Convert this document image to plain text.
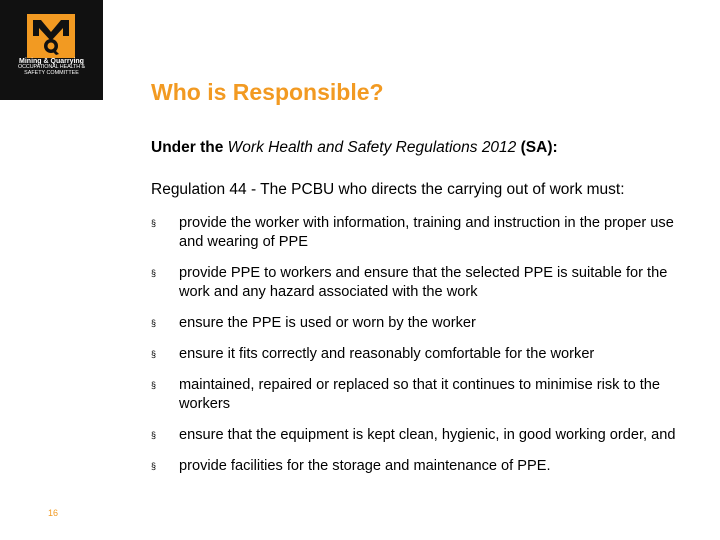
Mining & Quarrying
OCCUPATIONAL HEALTH &
SAFETY COMMITTEE
16
Who is Responsible?
Under the Work Health and Safety Regulations 2012 (SA):
Regulation 44 - The PCBU who directs the carrying out of work must:
§ provide the worker with information, training and instruction in the proper use and wearing of PPE
§ provide PPE to workers and ensure that the selected PPE is suitable for the work and any hazard associated with the work
§ ensure the PPE is used or worn by the worker
§ ensure it fits correctly and reasonably comfortable for the worker
§ maintained, repaired or replaced so that it continues to minimise risk to the workers
§ ensure that the equipment is kept clean, hygienic, in good working order, and
§ provide facilities for the storage and maintenance of PPE.
